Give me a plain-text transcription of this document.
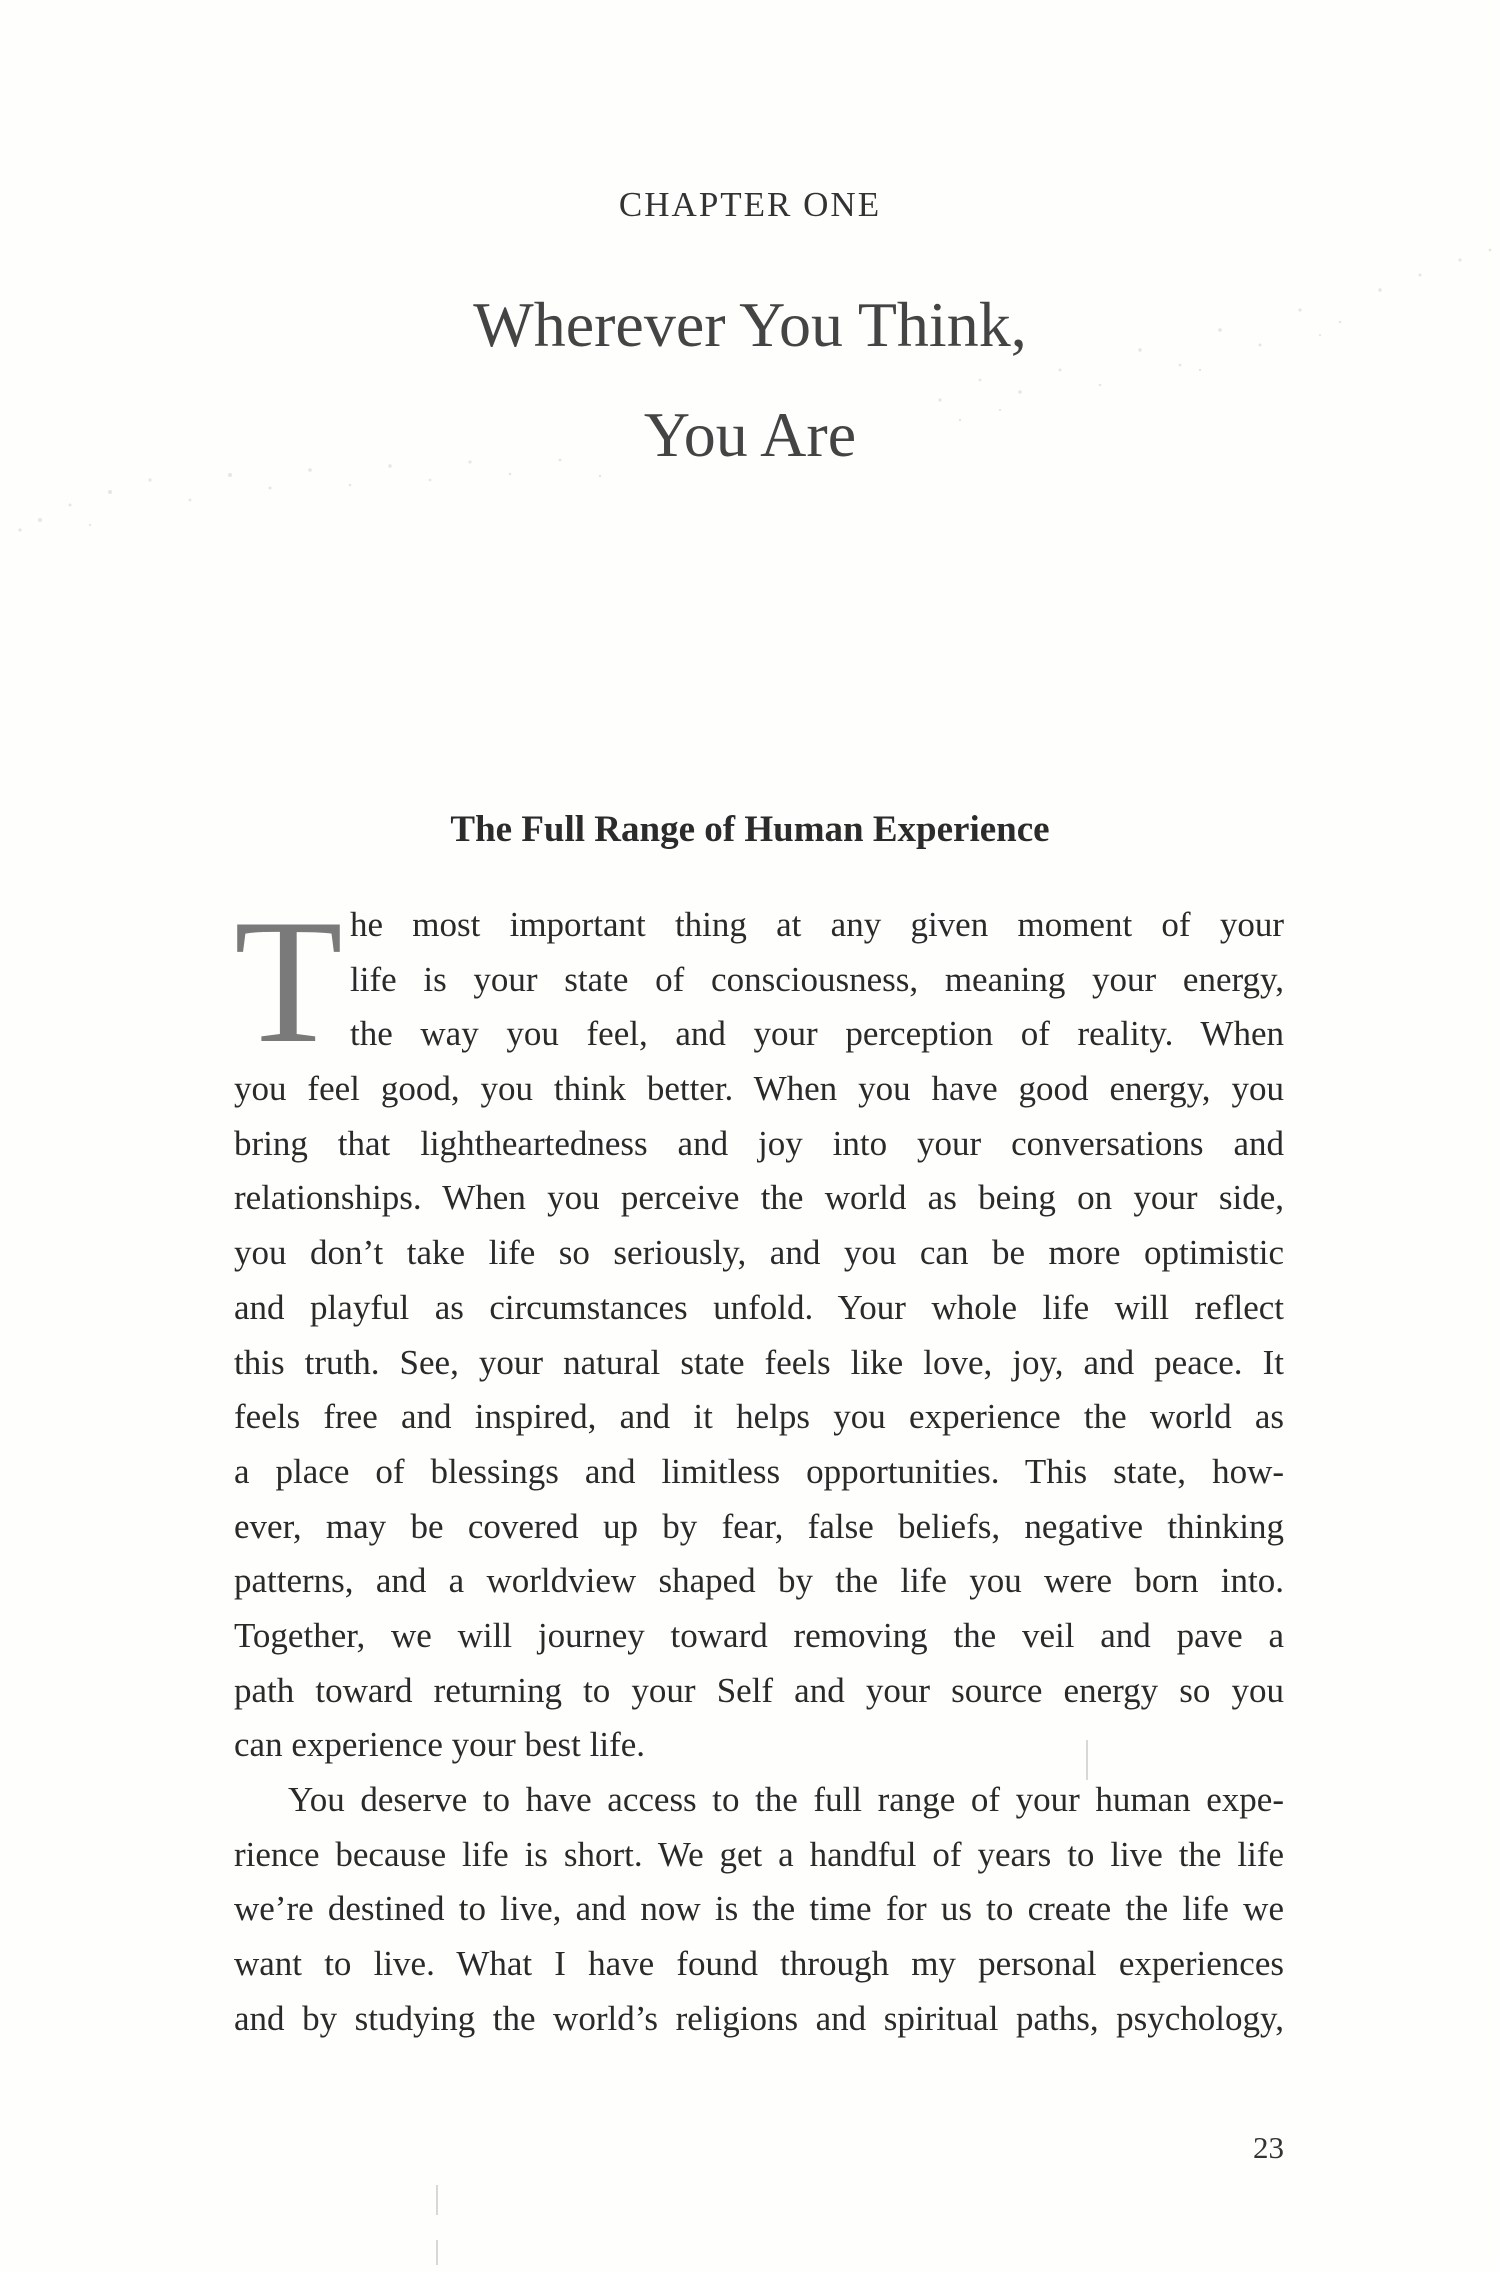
CHAPTER ONE
Wherever You Think,
You Are
The Full Range of Human Experience
T he most important thing at any given moment of your
life is your state of consciousness, meaning your energy,
the way you feel, and your perception of reality. When
you feel good, you think better. When you have good energy, you
bring that lightheartedness and joy into your conversations and
relationships. When you perceive the world as being on your side,
you don’t take life so seriously, and you can be more optimistic
and playful as circumstances unfold. Your whole life will reflect
this truth. See, your natural state feels like love, joy, and peace. It
feels free and inspired, and it helps you experience the world as
a place of blessings and limitless opportunities. This state, how-
ever, may be covered up by fear, false beliefs, negative thinking
patterns, and a worldview shaped by the life you were born into.
Together, we will journey toward removing the veil and pave a
path toward returning to your Self and your source energy so you
can experience your best life.
You deserve to have access to the full range of your human expe-
rience because life is short. We get a handful of years to live the life
we’re destined to live, and now is the time for us to create the life we
want to live. What I have found through my personal experiences
and by studying the world’s religions and spiritual paths, psychology,
23
